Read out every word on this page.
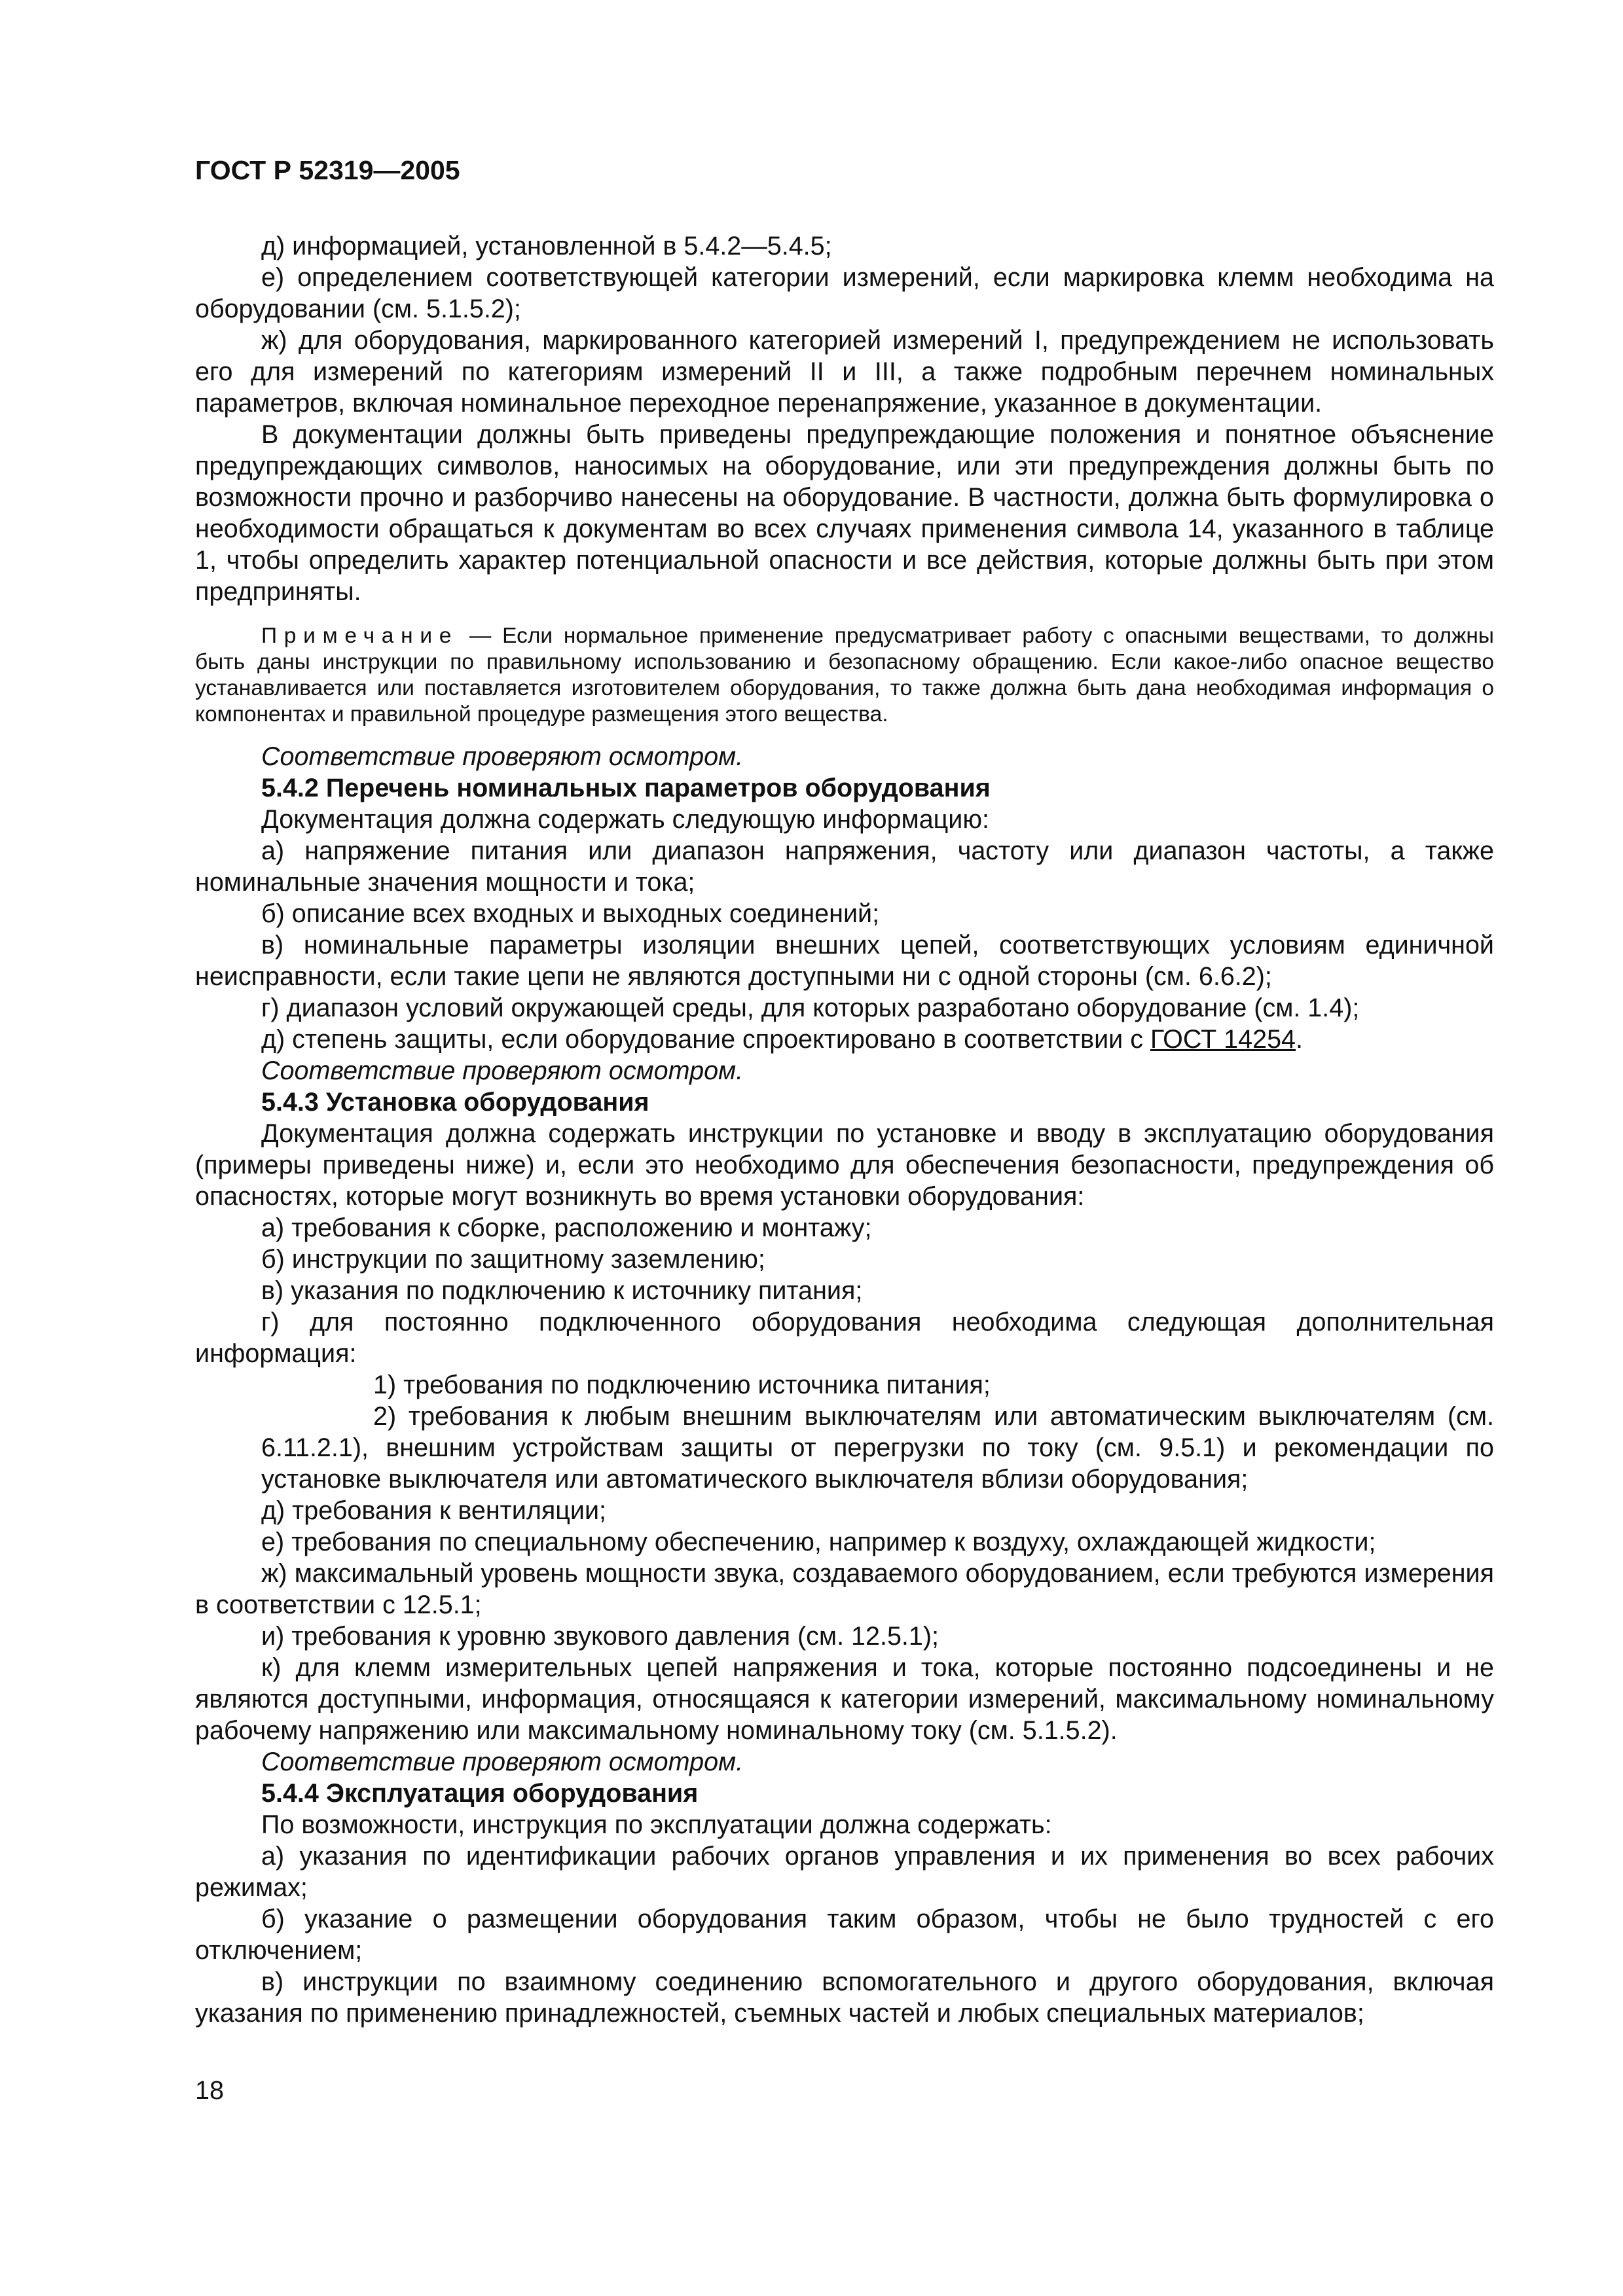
ГОСТ Р 52319—2005

д) информацией, установленной в 5.4.2—5.4.5;

е) определением соответствующей категории измерений, если маркировка клемм необходима на оборудовании (см. 5.1.5.2);

ж) для оборудования, маркированного категорией измерений I, предупреждением не использовать его для измерений по категориям измерений II и III, а также подробным перечнем номинальных параметров, включая номинальное переходное перенапряжение, указанное в документации.

В документации должны быть приведены предупреждающие положения и понятное объяснение предупреждающих символов, наносимых на оборудование, или эти предупреждения должны быть по возможности прочно и разборчиво нанесены на оборудование. В частности, должна быть формулировка о необходимости обращаться к документам во всех случаях применения символа 14, указанного в таблице 1, чтобы определить характер потенциальной опасности и все действия, которые должны быть при этом предприняты.

Примечание — Если нормальное применение предусматривает работу с опасными веществами, то должны быть даны инструкции по правильному использованию и безопасному обращению. Если какое-либо опасное вещество устанавливается или поставляется изготовителем оборудования, то также должна быть дана необходимая информация о компонентах и правильной процедуре размещения этого вещества.

Соответствие проверяют осмотром.

5.4.2 Перечень номинальных параметров оборудования

Документация должна содержать следующую информацию:

а) напряжение питания или диапазон напряжения, частоту или диапазон частоты, а также номинальные значения мощности и тока;

б) описание всех входных и выходных соединений;

в) номинальные параметры изоляции внешних цепей, соответствующих условиям единичной неисправности, если такие цепи не являются доступными ни с одной стороны (см. 6.6.2);

г) диапазон условий окружающей среды, для которых разработано оборудование (см. 1.4);

д) степень защиты, если оборудование спроектировано в соответствии с ГОСТ 14254.

Соответствие проверяют осмотром.

5.4.3 Установка оборудования

Документация должна содержать инструкции по установке и вводу в эксплуатацию оборудования (примеры приведены ниже) и, если это необходимо для обеспечения безопасности, предупреждения об опасностях, которые могут возникнуть во время установки оборудования:

а) требования к сборке, расположению и монтажу;

б) инструкции по защитному заземлению;

в) указания по подключению к источнику питания;

г) для постоянно подключенного оборудования необходима следующая дополнительная информация:

1) требования по подключению источника питания;

2) требования к любым внешним выключателям или автоматическим выключателям (см. 6.11.2.1), внешним устройствам защиты от перегрузки по току (см. 9.5.1) и рекомендации по установке выключателя или автоматического выключателя вблизи оборудования;

д) требования к вентиляции;

е) требования по специальному обеспечению, например к воздуху, охлаждающей жидкости;

ж) максимальный уровень мощности звука, создаваемого оборудованием, если требуются измерения в соответствии с 12.5.1;

и) требования к уровню звукового давления (см. 12.5.1);

к) для клемм измерительных цепей напряжения и тока, которые постоянно подсоединены и не являются доступными, информация, относящаяся к категории измерений, максимальному номинальному рабочему напряжению или максимальному номинальному току (см. 5.1.5.2).

Соответствие проверяют осмотром.

5.4.4 Эксплуатация оборудования

По возможности, инструкция по эксплуатации должна содержать:

а) указания по идентификации рабочих органов управления и их применения во всех рабочих режимах;

б) указание о размещении оборудования таким образом, чтобы не было трудностей с его отключением;

в) инструкции по взаимному соединению вспомогательного и другого оборудования, включая указания по применению принадлежностей, съемных частей и любых специальных материалов;

18
